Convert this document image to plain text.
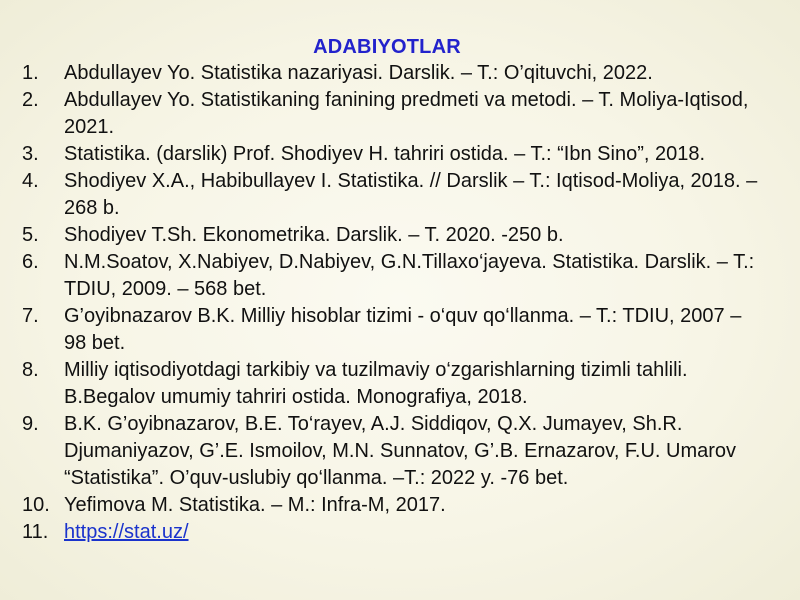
ADABIYOTLAR
1.	Abdullayev Yo. Statistika nazariyasi. Darslik. – T.: O’qituvchi, 2022.
2.	Abdullayev Yo. Statistikaning fanining predmeti va metodi. – T. Moliya-Iqtisod, 2021.
3.	Statistika. (darslik) Prof. Shodiyev H. tahriri ostida. – T.: “Ibn Sino”, 2018.
4.	Shodiyev X.A., Habibullayev I. Statistika. // Darslik – T.: Iqtisod-Moliya, 2018. – 268 b.
5.	Shodiyev T.Sh. Ekonometrika. Darslik. – T. 2020. -250 b.
6.	N.M.Soatov, X.Nabiyev, D.Nabiyev, G.N.Tillaxo‘jayeva. Statistika. Darslik. – T.: TDIU, 2009. – 568 bet.
7.	G’oyibnazarov B.K. Milliy hisoblar tizimi - o‘quv qo‘llanma. – T.: TDIU, 2007 – 98 bet.
8.	Milliy iqtisodiyotdagi tarkibiy va tuzilmaviy o‘zgarishlarning tizimli tahlili. B.Begalov umumiy tahriri ostida. Monografiya, 2018.
9.	B.K. G’oyibnazarov, B.E. To‘rayev, A.J. Siddiqov, Q.X. Jumayev, Sh.R. Djumaniyazov, G’.E. Ismoilov, M.N. Sunnatov, G’.B. Ernazarov, F.U. Umarov “Statistika”. O’quv-uslubiy qo‘llanma. –T.: 2022 y. -76 bet.
10. Yefimova M. Statistika. – M.: Infra-M, 2017.
11. https://stat.uz/
